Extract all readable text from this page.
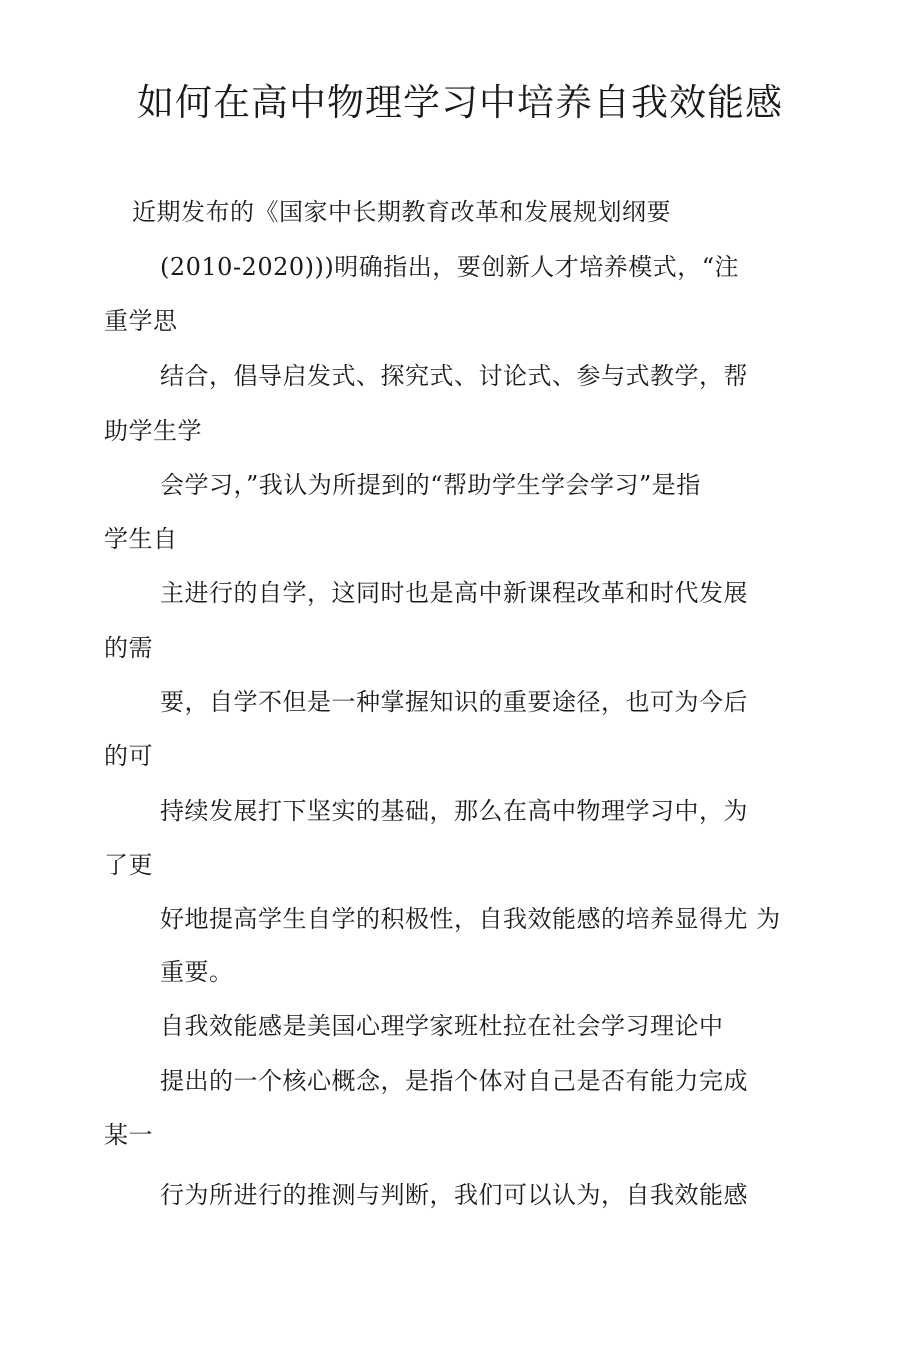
如何在高中物理学习中培养自我效能感
近期发布的《国家中长期教育改革和发展规划纲要
(2010-2020)))明确指出，要创新人才培养模式，“注
重学思
结合，倡导启发式、探究式、讨论式、参与式教学，帮
助学生学
会学习，”我认为所提到的“帮助学生学会学习”是指
学生自
主进行的自学，这同时也是高中新课程改革和时代发展
的需
要，自学不但是一种掌握知识的重要途径，也可为今后
的可
持续发展打下坚实的基础，那么在高中物理学习中，为
了更
好地提高学生自学的积极性，自我效能感的培养显得尤 为
重要。
自我效能感是美国心理学家班杜拉在社会学习理论中
提出的一个核心概念，是指个体对自己是否有能力完成
某一
行为所进行的推测与判断，我们可以认为，自我效能感
